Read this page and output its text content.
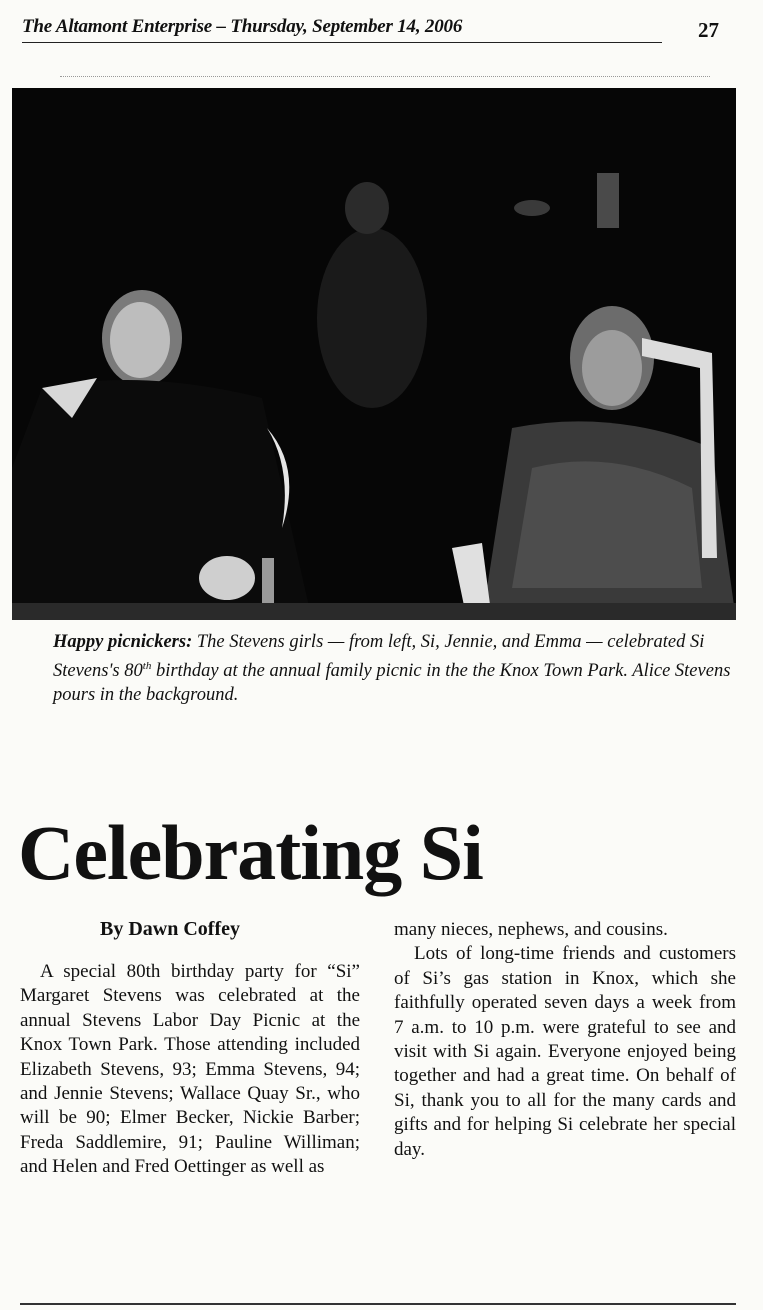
The Altamont Enterprise – Thursday, September 14, 2006	27
Happy picnickers: The Stevens girls — from left, Si, Jennie, and Emma — celebrated Si Stevens's 80th birthday at the annual family picnic in the the Knox Town Park. Alice Stevens pours in the background.
Celebrating Si
By Dawn Coffey

A special 80th birthday party for “Si” Margaret Stevens was celebrated at the annual Stevens Labor Day Picnic at the Knox Town Park. Those attending included Elizabeth Stevens, 93; Emma Stevens, 94; and Jennie Stevens; Wallace Quay Sr., who will be 90; Elmer Becker, Nickie Barber; Freda Saddlemire, 91; Pauline Williman; and Helen and Fred Oettinger as well as

many nieces, nephews, and cousins.

Lots of long-time friends and customers of Si’s gas station in Knox, which she faithfully operated seven days a week from 7 a.m. to 10 p.m. were grateful to see and visit with Si again. Everyone enjoyed being together and had a great time. On behalf of Si, thank you to all for the many cards and gifts and for helping Si celebrate her special day.
